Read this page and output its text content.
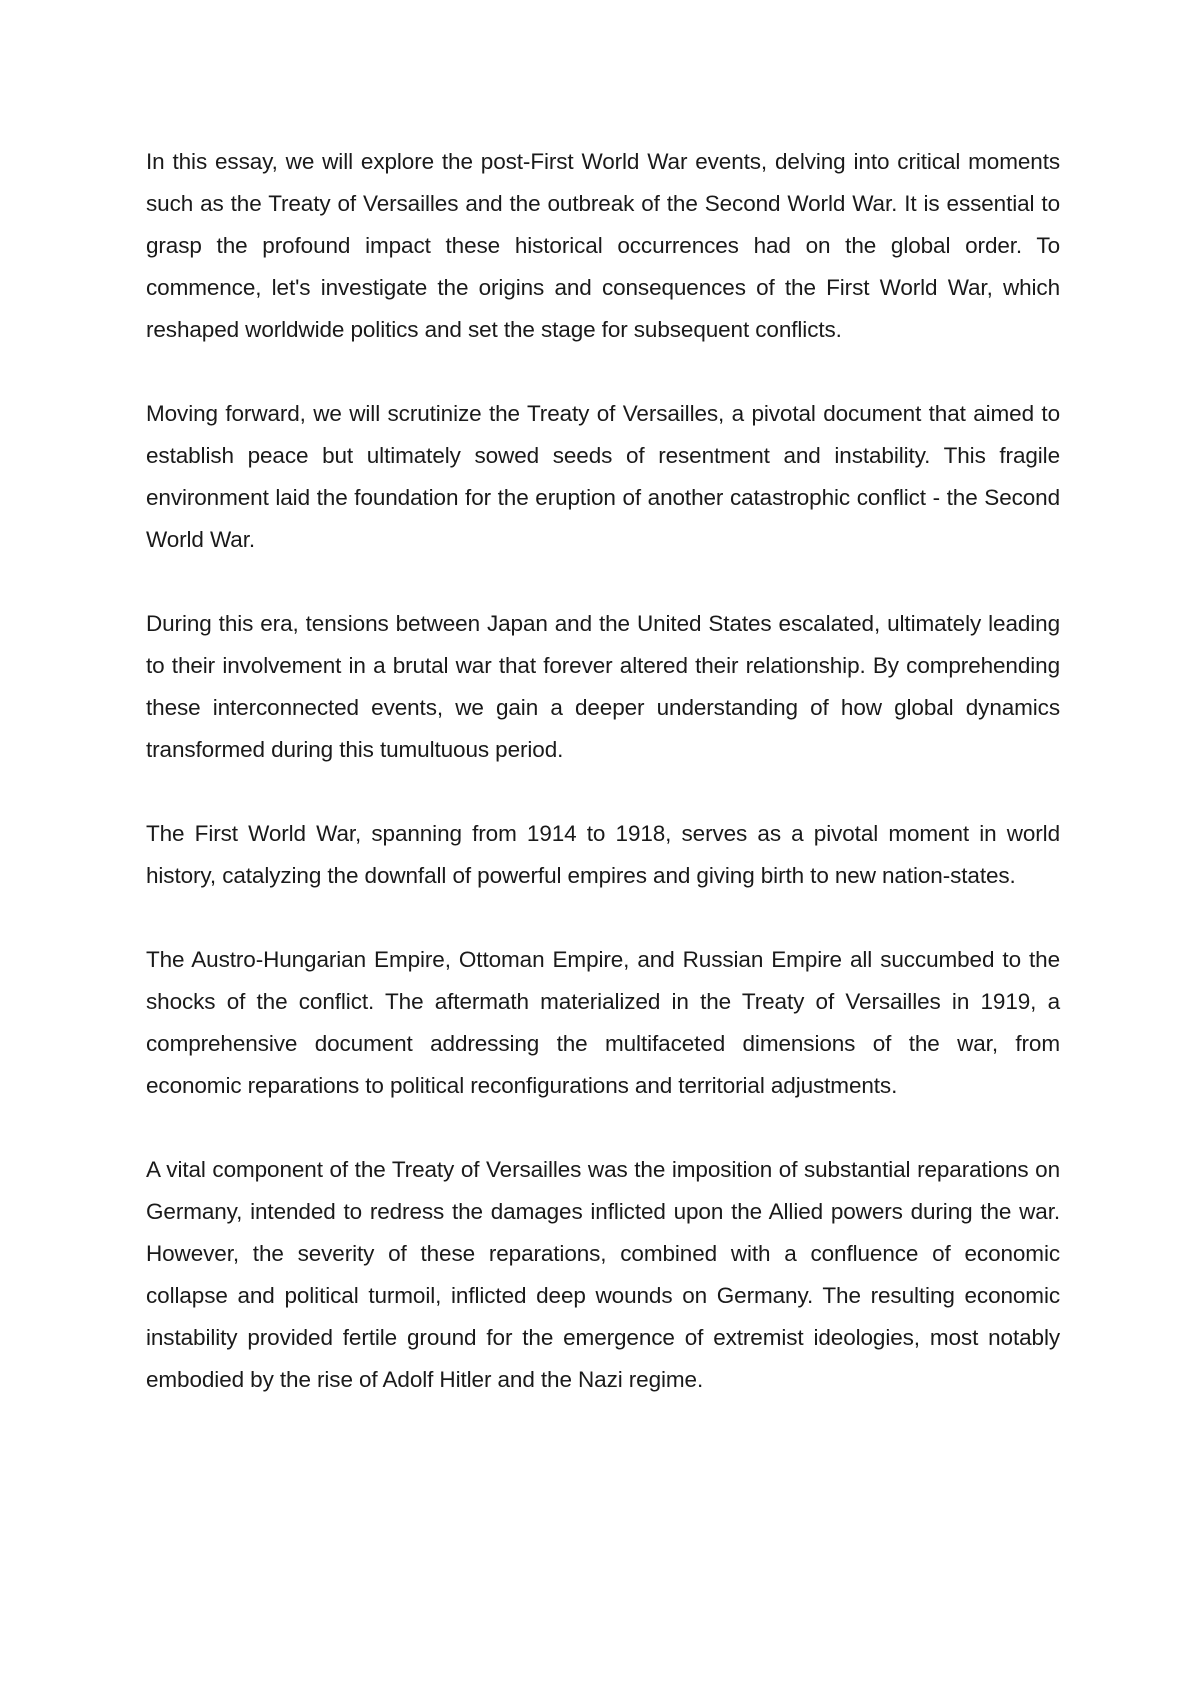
In this essay, we will explore the post-First World War events, delving into critical moments such as the Treaty of Versailles and the outbreak of the Second World War. It is essential to grasp the profound impact these historical occurrences had on the global order. To commence, let's investigate the origins and consequences of the First World War, which reshaped worldwide politics and set the stage for subsequent conflicts.

Moving forward, we will scrutinize the Treaty of Versailles, a pivotal document that aimed to establish peace but ultimately sowed seeds of resentment and instability. This fragile environment laid the foundation for the eruption of another catastrophic conflict - the Second World War.

During this era, tensions between Japan and the United States escalated, ultimately leading to their involvement in a brutal war that forever altered their relationship. By comprehending these interconnected events, we gain a deeper understanding of how global dynamics transformed during this tumultuous period.

The First World War, spanning from 1914 to 1918, serves as a pivotal moment in world history, catalyzing the downfall of powerful empires and giving birth to new nation-states.

The Austro-Hungarian Empire, Ottoman Empire, and Russian Empire all succumbed to the shocks of the conflict. The aftermath materialized in the Treaty of Versailles in 1919, a comprehensive document addressing the multifaceted dimensions of the war, from economic reparations to political reconfigurations and territorial adjustments.

A vital component of the Treaty of Versailles was the imposition of substantial reparations on Germany, intended to redress the damages inflicted upon the Allied powers during the war. However, the severity of these reparations, combined with a confluence of economic collapse and political turmoil, inflicted deep wounds on Germany. The resulting economic instability provided fertile ground for the emergence of extremist ideologies, most notably embodied by the rise of Adolf Hitler and the Nazi regime.
